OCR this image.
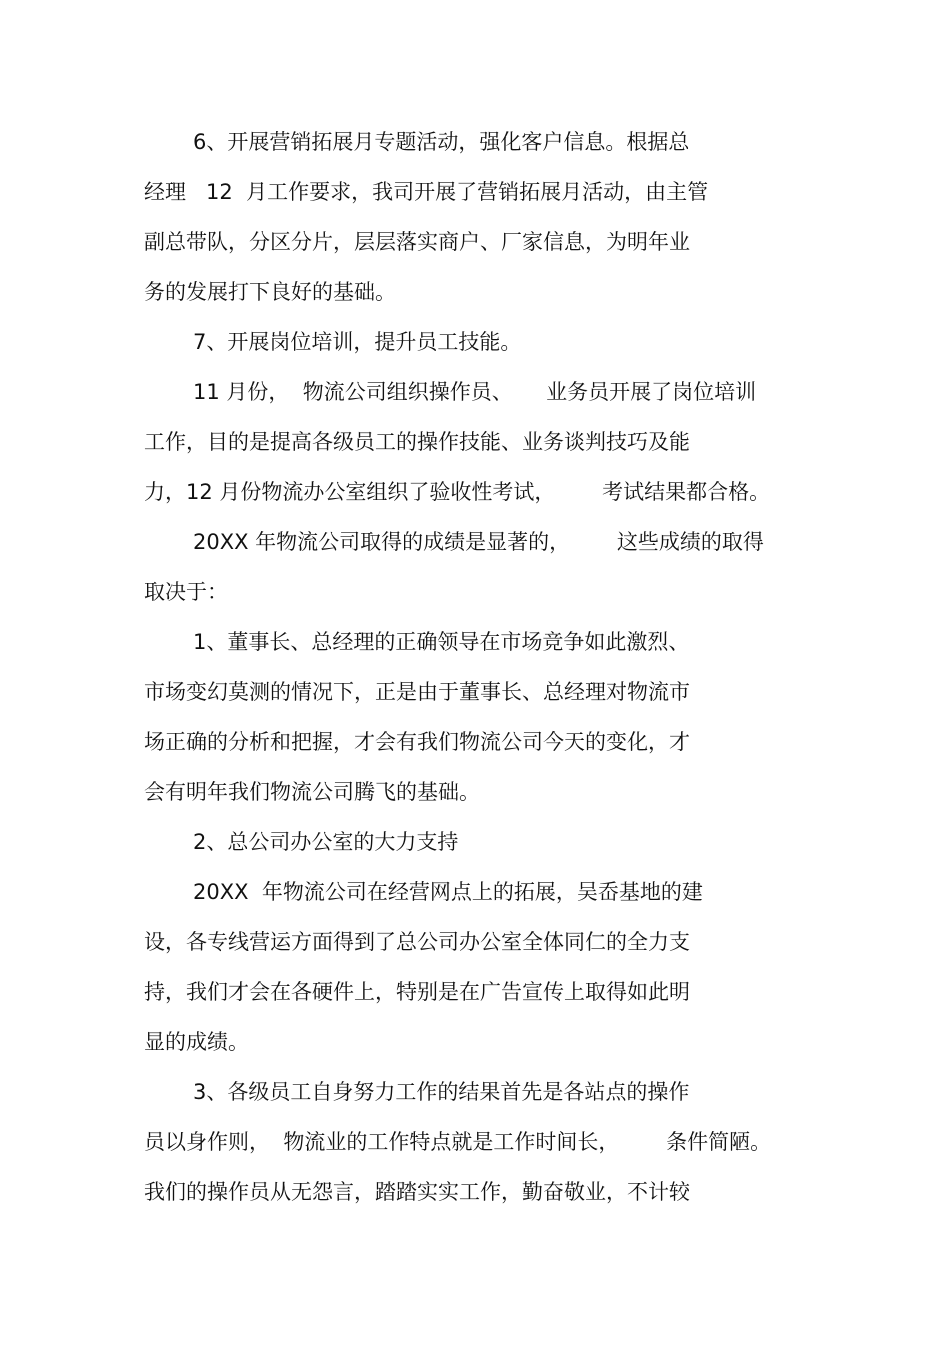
6、开展营销拓展月专题活动，强化客户信息。根据总

经理   12  月工作要求，我司开展了营销拓展月活动，由主管

副总带队，分区分片，层层落实商户、厂家信息，为明年业

务的发展打下良好的基础。

7、开展岗位培训，提升员工技能。

11 月份，  物流公司组织操作员、     业务员开展了岗位培训

工作，目的是提高各级员工的操作技能、业务谈判技巧及能

力，12 月份物流办公室组织了验收性考试，       考试结果都合格。

20XX 年物流公司取得的成绩是显著的，       这些成绩的取得

取决于：

1、董事长、总经理的正确领导在市场竞争如此激烈、

市场变幻莫测的情况下，正是由于董事长、总经理对物流市

场正确的分析和把握，才会有我们物流公司今天的变化，才

会有明年我们物流公司腾飞的基础。

2、总公司办公室的大力支持

20XX  年物流公司在经营网点上的拓展，吴岙基地的建

设，各专线营运方面得到了总公司办公室全体同仁的全力支

持，我们才会在各硬件上，特别是在广告宣传上取得如此明

显的成绩。

3、各级员工自身努力工作的结果首先是各站点的操作

员以身作则，  物流业的工作特点就是工作时间长，       条件简陋。

我们的操作员从无怨言，踏踏实实工作，勤奋敬业，不计较
